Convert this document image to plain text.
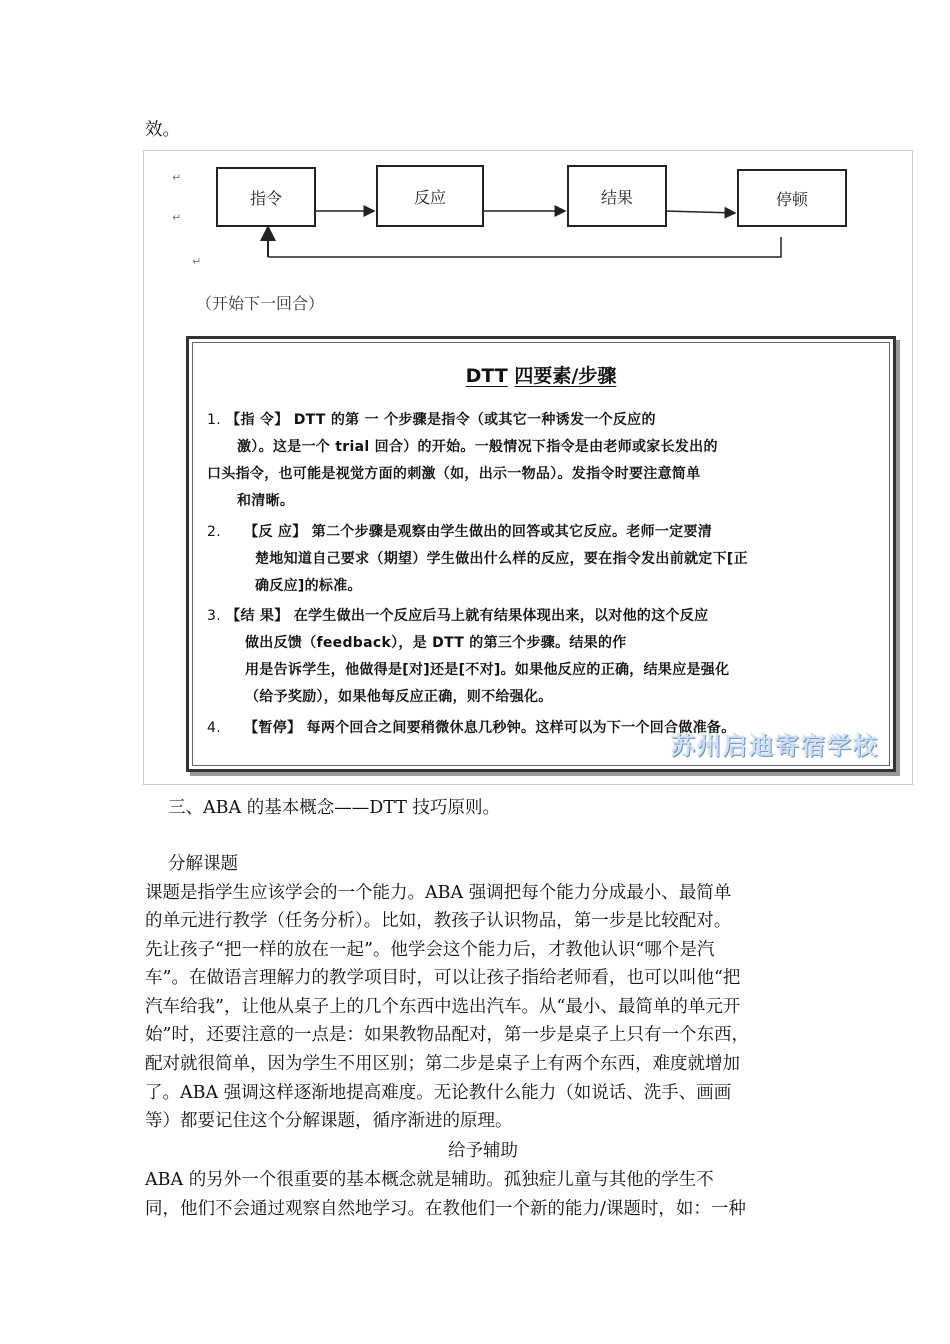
效。
↵
↵
↵
指令	反应	结果	停顿
（开始下一回合）
DTT 四要素/步骤
1. 【指 令】 DTT 的第 一 个步骤是指令（或其它一种诱发一个反应的
激）。这是一个 trial 回合）的开始。一般情况下指令是由老师或家长发出的
口头指令，也可能是视觉方面的刺激（如，出示一物品）。发指令时要注意简单
和清晰。
2. 【反 应】 第二个步骤是观察由学生做出的回答或其它反应。老师一定要清
楚地知道自己要求（期望）学生做出什么样的反应，要在指令发出前就定下[正
确反应]的标准。
3. 【结 果】 在学生做出一个反应后马上就有结果体现出来，以对他的这个反应
做出反馈（feedback），是 DTT 的第三个步骤。结果的作
用是告诉学生，他做得是[对]还是[不对]。如果他反应的正确，结果应是强化
（给予奖励），如果他每反应正确，则不给强化。
4. 【暂停】 每两个回合之间要稍微休息几秒钟。这样可以为下一个回合做准备。
苏州启迪寄宿学校
三、ABA 的基本概念——DTT 技巧原则。
分解课题
课题是指学生应该学会的一个能力。ABA 强调把每个能力分成最小、最简单
的单元进行教学（任务分析）。比如，教孩子认识物品，第一步是比较配对。
先让孩子“把一样的放在一起”。他学会这个能力后，才教他认识“哪个是汽
车”。在做语言理解力的教学项目时，可以让孩子指给老师看，也可以叫他“把
汽车给我”，让他从桌子上的几个东西中选出汽车。从“最小、最简单的单元开
始”时，还要注意的一点是：如果教物品配对，第一步是桌子上只有一个东西，
配对就很简单，因为学生不用区别；第二步是桌子上有两个东西，难度就增加
了。ABA 强调这样逐渐地提高难度。无论教什么能力（如说话、洗手、画画
等）都要记住这个分解课题，循序渐进的原理。
给予辅助
ABA 的另外一个很重要的基本概念就是辅助。孤独症儿童与其他的学生不
同，他们不会通过观察自然地学习。在教他们一个新的能力/课题时，如：一种
